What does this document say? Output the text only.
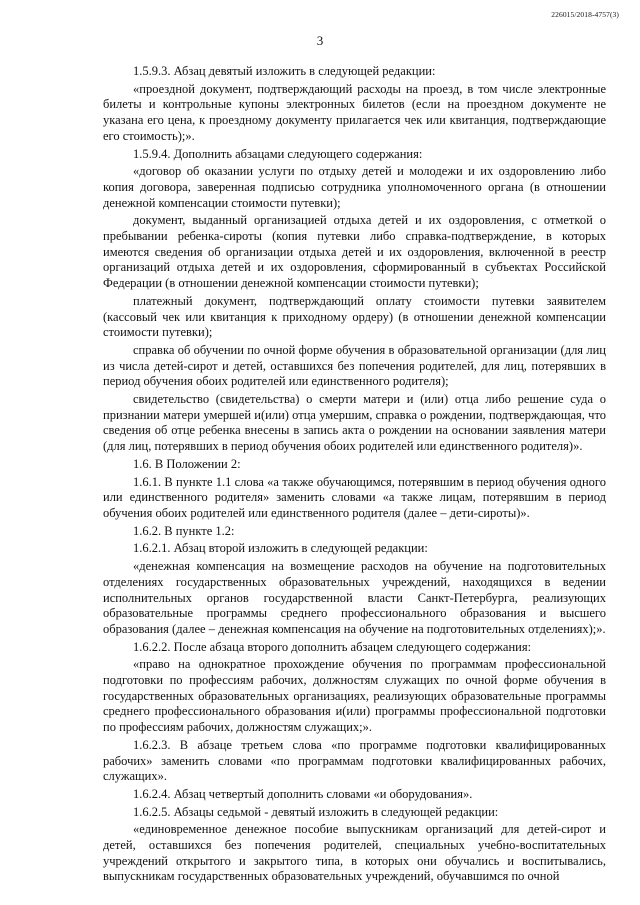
226015/2018-4757(3)
3

1.5.9.3. Абзац девятый изложить в следующей редакции:

«проездной документ, подтверждающий расходы на проезд, в том числе электронные билеты и контрольные купоны электронных билетов (если на проездном документе не указана его цена, к проездному документу прилагается чек или квитанция, подтверждающие его стоимость);».

1.5.9.4. Дополнить абзацами следующего содержания:

«договор об оказании услуги по отдыху детей и молодежи и их оздоровлению либо копия договора, заверенная подписью сотрудника уполномоченного органа (в отношении денежной компенсации стоимости путевки);

документ, выданный организацией отдыха детей и их оздоровления, с отметкой о пребывании ребенка-сироты (копия путевки либо справка-подтверждение, в которых имеются сведения об организации отдыха детей и их оздоровления, включенной в реестр организаций отдыха детей и их оздоровления, сформированный в субъектах Российской Федерации (в отношении денежной компенсации стоимости путевки);

платежный документ, подтверждающий оплату стоимости путевки заявителем (кассовый чек или квитанция к приходному ордеру) (в отношении денежной компенсации стоимости путевки);

справка об обучении по очной форме обучения в образовательной организации (для лиц из числа детей-сирот и детей, оставшихся без попечения родителей, для лиц, потерявших в период обучения обоих родителей или единственного родителя);

свидетельство (свидетельства) о смерти матери и (или) отца либо решение суда о признании матери умершей и(или) отца умершим, справка о рождении, подтверждающая, что сведения об отце ребенка внесены в запись акта о рождении на основании заявления матери (для лиц, потерявших в период обучения обоих родителей или единственного родителя)».

1.6. В Положении 2:

1.6.1. В пункте 1.1 слова «а также обучающимся, потерявшим в период обучения одного или единственного родителя» заменить словами «а также лицам, потерявшим в период обучения обоих родителей или единственного родителя (далее – дети-сироты)».

1.6.2. В пункте 1.2:

1.6.2.1. Абзац второй изложить в следующей редакции:

«денежная компенсация на возмещение расходов на обучение на подготовительных отделениях государственных образовательных учреждений, находящихся в ведении исполнительных органов государственной власти Санкт-Петербурга, реализующих образовательные программы среднего профессионального образования и высшего образования (далее – денежная компенсация на обучение на подготовительных отделениях);».

1.6.2.2. После абзаца второго дополнить абзацем следующего содержания:

«право на однократное прохождение обучения по программам профессиональной подготовки по профессиям рабочих, должностям служащих по очной форме обучения в государственных образовательных организациях, реализующих образовательные программы среднего профессионального образования и(или) программы профессиональной подготовки по профессиям рабочих, должностям служащих;».

1.6.2.3. В абзаце третьем слова «по программе подготовки квалифицированных рабочих» заменить словами «по программам подготовки квалифицированных рабочих, служащих».

1.6.2.4. Абзац четвертый дополнить словами «и оборудования».

1.6.2.5. Абзацы седьмой - девятый изложить в следующей редакции:

«единовременное денежное пособие выпускникам организаций для детей-сирот и детей, оставшихся без попечения родителей, специальных учебно-воспитательных учреждений открытого и закрытого типа, в которых они обучались и воспитывались, выпускникам государственных образовательных учреждений, обучавшимся по очной
